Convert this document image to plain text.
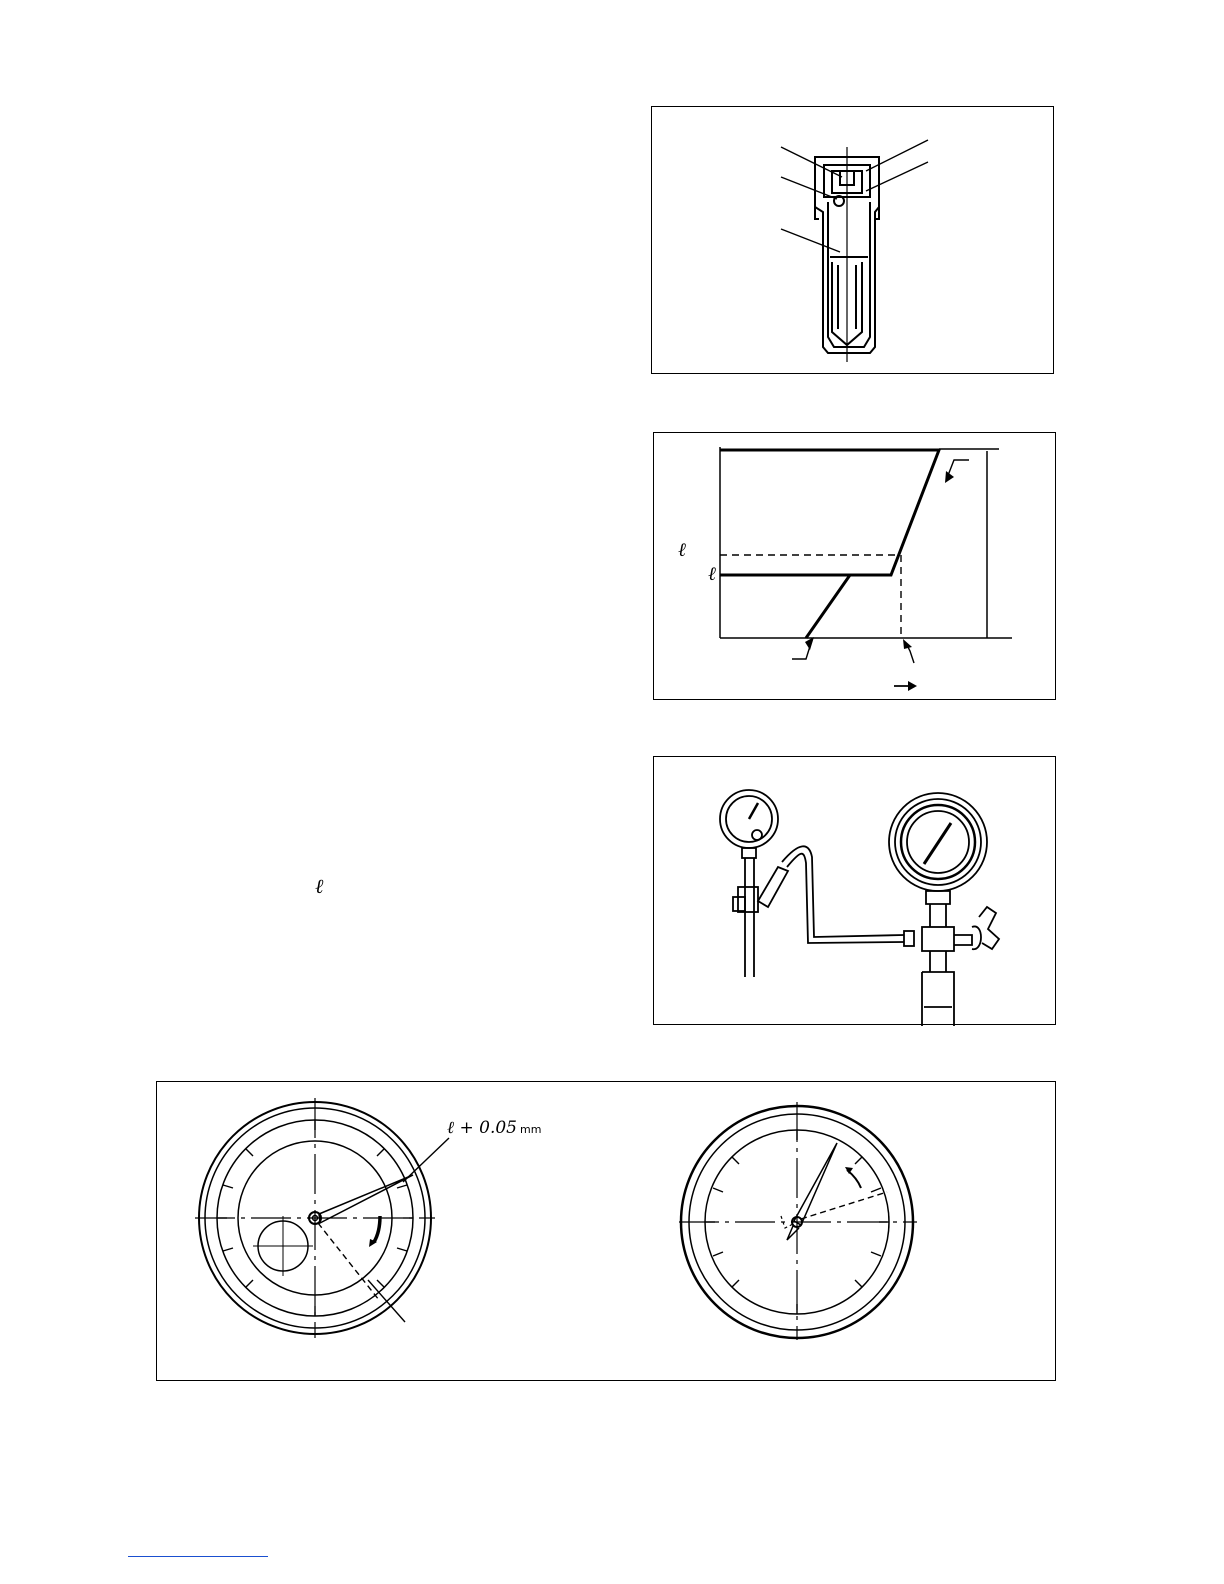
ℓ
ℓ
ℓ
ℓ + 0.05 mm
